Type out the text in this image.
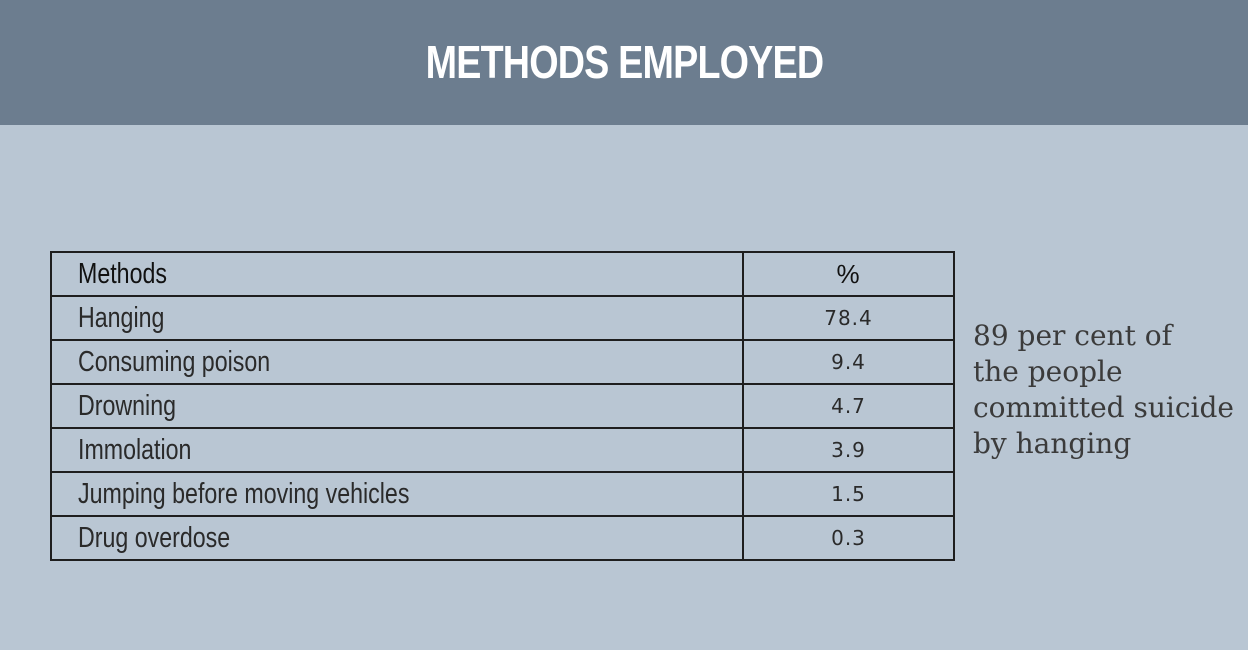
METHODS EMPLOYED
Methods	%
Hanging	78.4
Consuming poison	9.4
Drowning	4.7
Immolation	3.9
Jumping before moving vehicles	1.5
Drug overdose	0.3
89 per cent of
the people
committed suicide
by hanging
